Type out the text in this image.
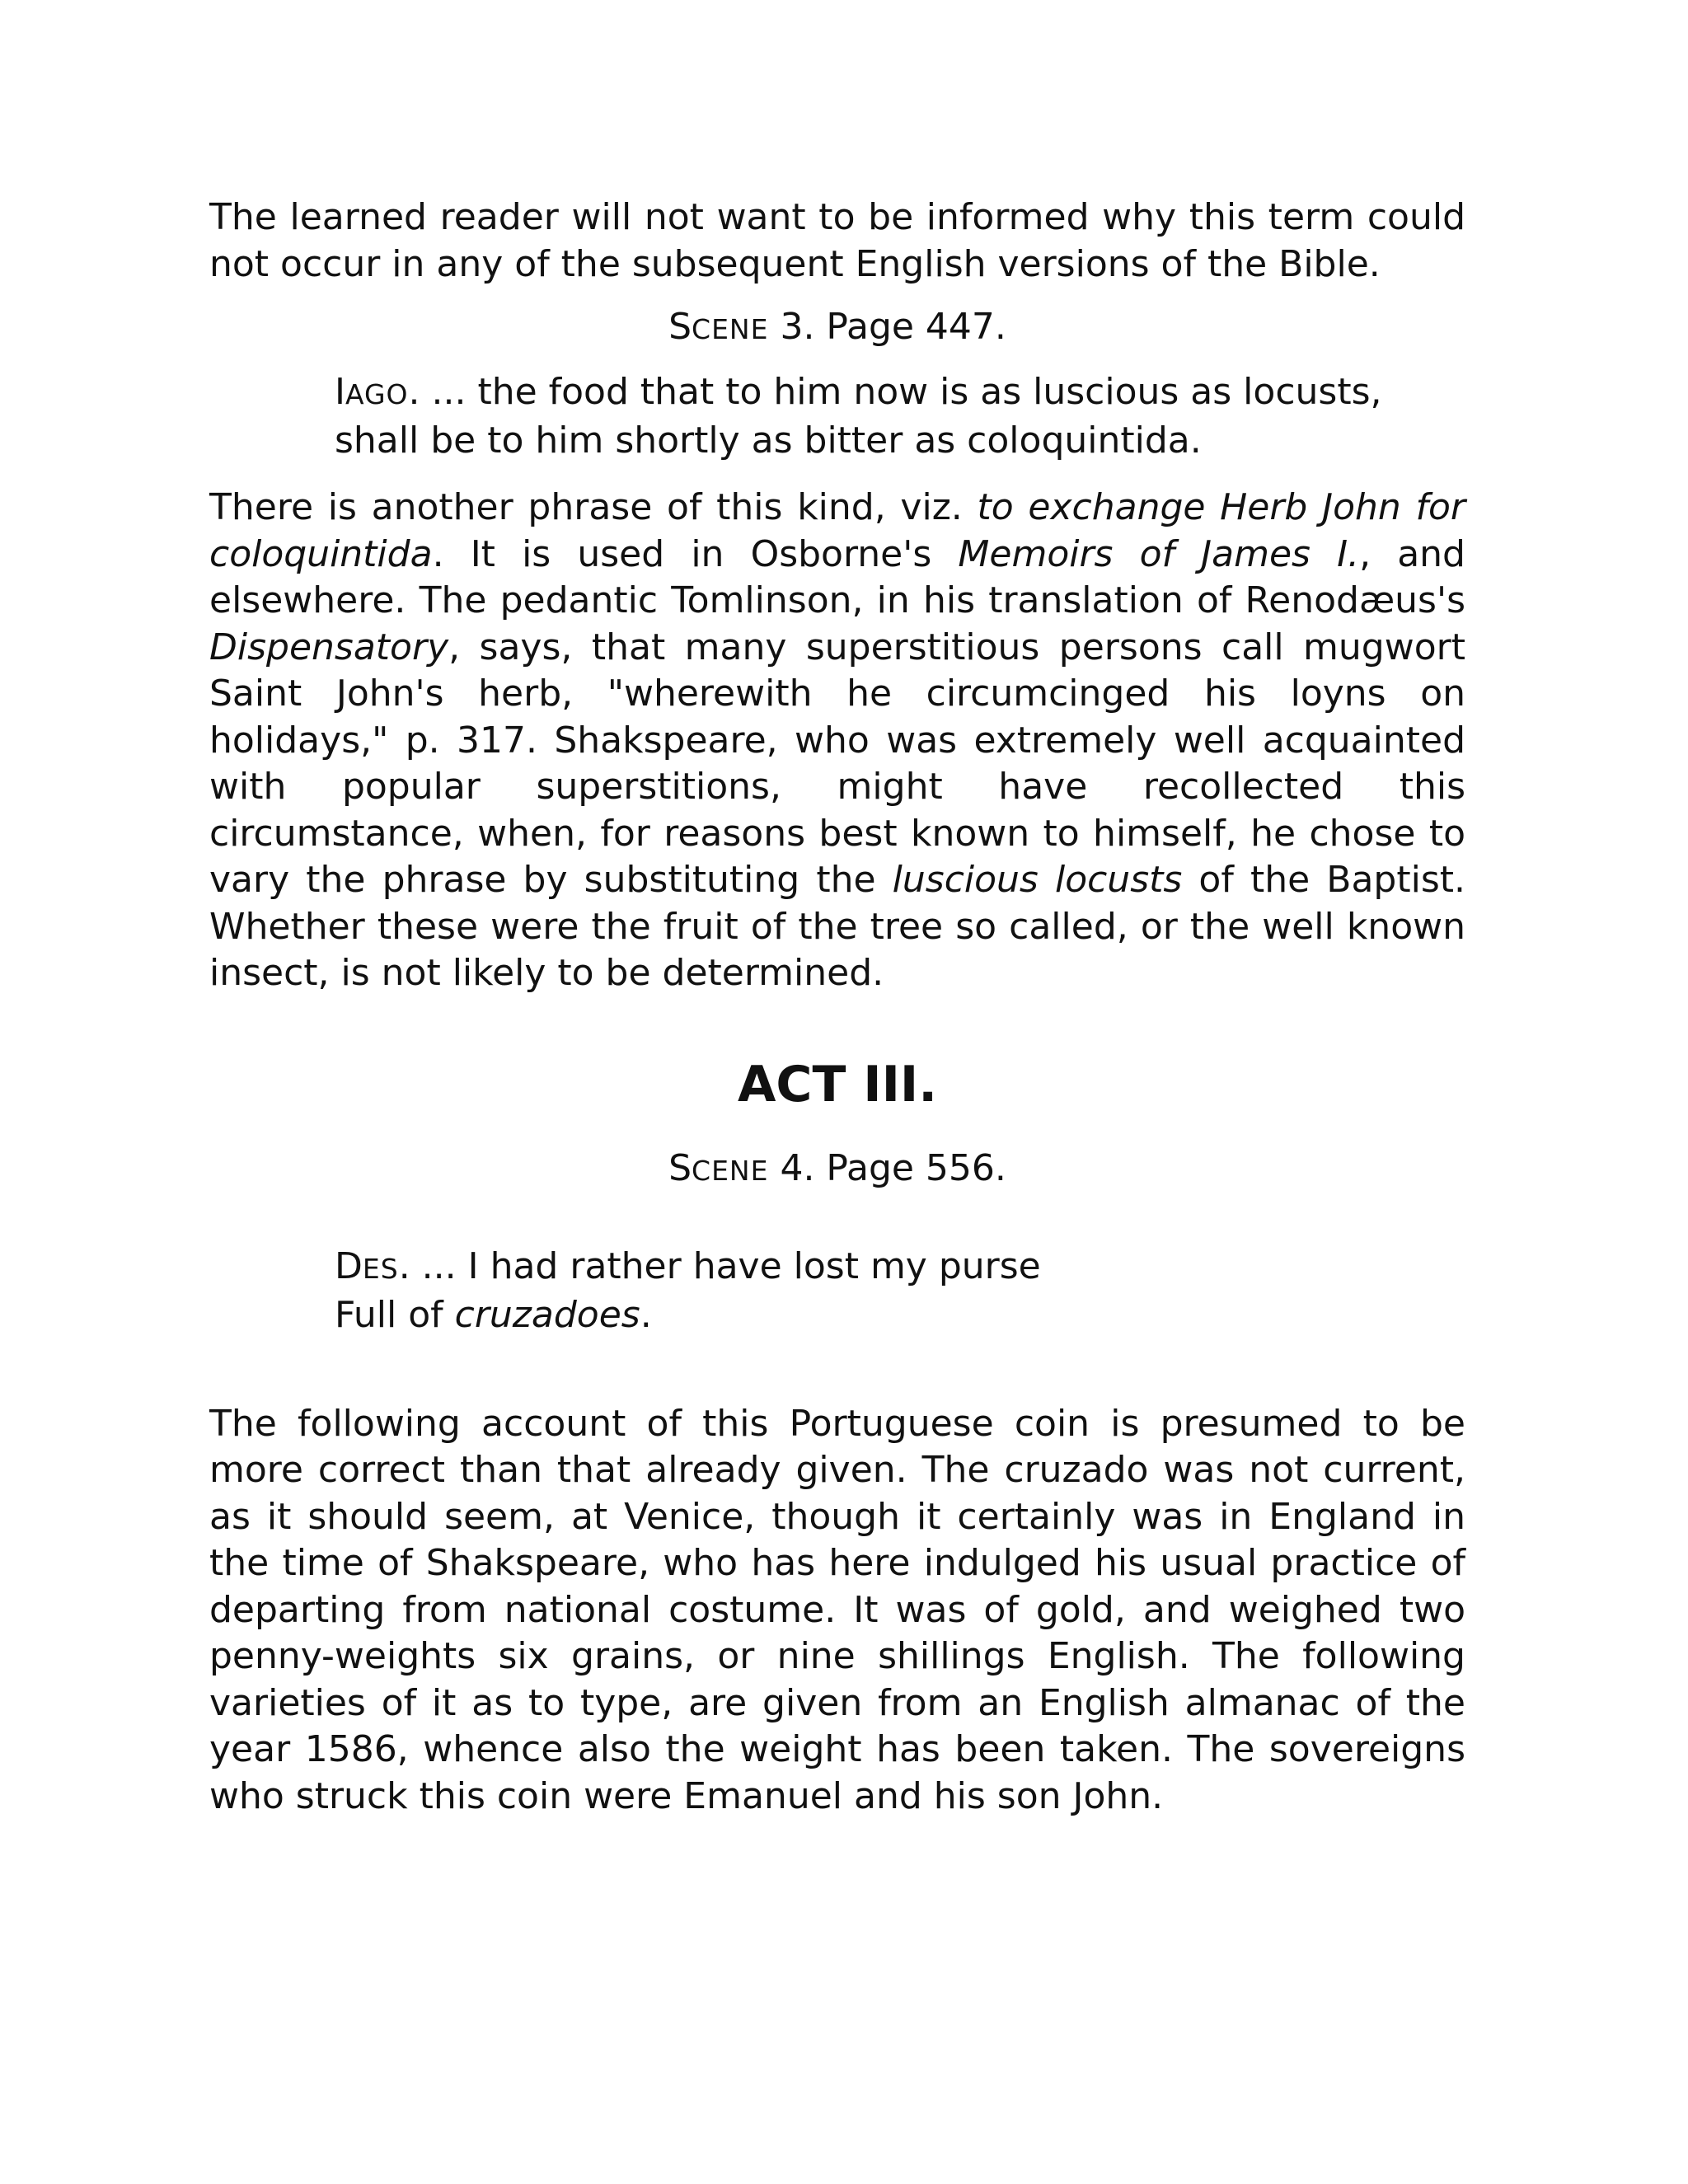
The learned reader will not want to be informed why this term could not occur in any of the subsequent English versions of the Bible.

SCENE 3. Page 447.

IAGO. ... the food that to him now is as luscious as locusts,
shall be to him shortly as bitter as coloquintida.

There is another phrase of this kind, viz. to exchange Herb John for coloquintida. It is used in Osborne's Memoirs of James I., and elsewhere. The pedantic Tomlinson, in his translation of Renodæus's Dispensatory, says, that many superstitious persons call mugwort Saint John's herb, "wherewith he circumcinged his loyns on holidays," p. 317. Shakspeare, who was extremely well acquainted with popular superstitions, might have recollected this circumstance, when, for reasons best known to himself, he chose to vary the phrase by substituting the luscious locusts of the Baptist. Whether these were the fruit of the tree so called, or the well known insect, is not likely to be determined.

ACT III.

SCENE 4. Page 556.

DES. ... I had rather have lost my purse
Full of cruzadoes.

The following account of this Portuguese coin is presumed to be more correct than that already given. The cruzado was not current, as it should seem, at Venice, though it certainly was in England in the time of Shakspeare, who has here indulged his usual practice of departing from national costume. It was of gold, and weighed two penny-weights six grains, or nine shillings English. The following varieties of it as to type, are given from an English almanac of the year 1586, whence also the weight has been taken. The sovereigns who struck this coin were Emanuel and his son John.
